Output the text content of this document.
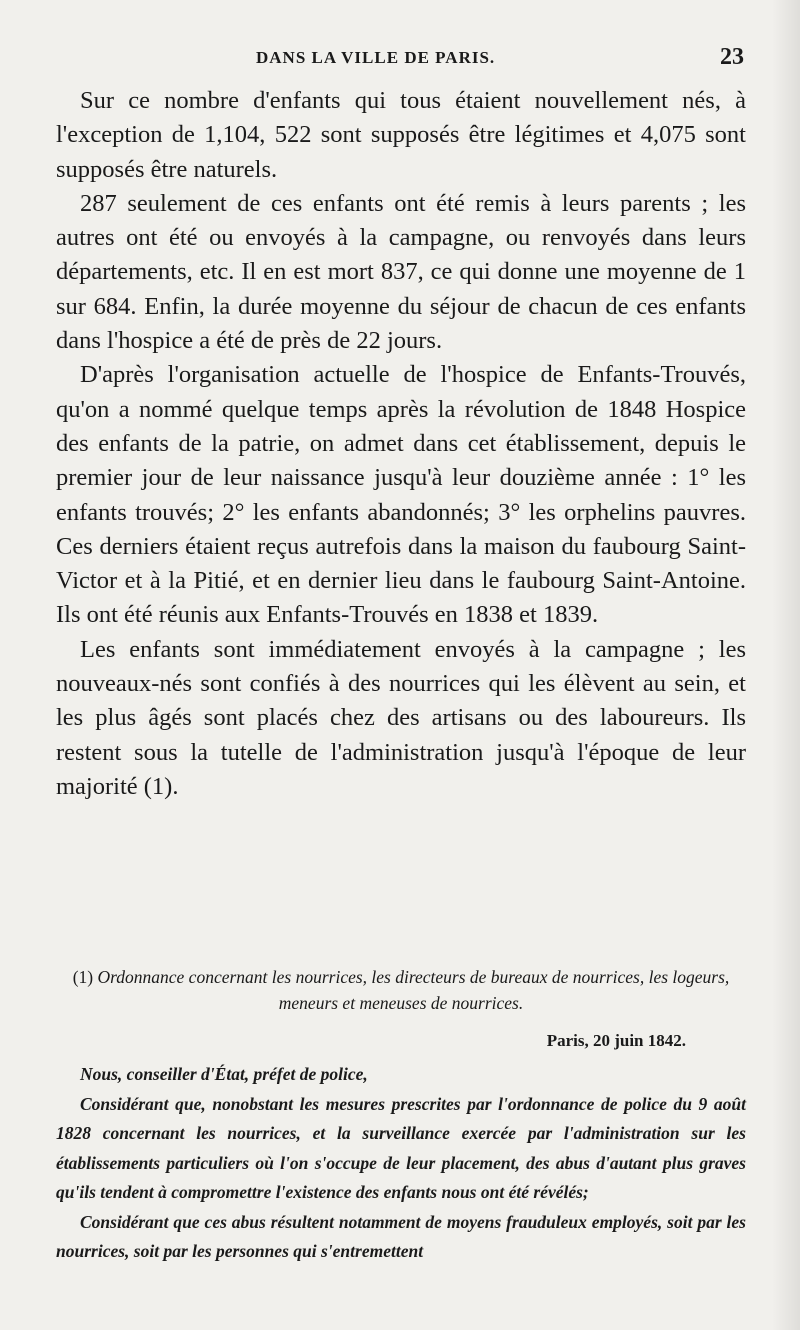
DANS LA VILLE DE PARIS.	23

Sur ce nombre d'enfants qui tous étaient nouvellement nés, à l'exception de 1,104, 522 sont supposés être légitimes et 4,075 sont supposés être naturels.

287 seulement de ces enfants ont été remis à leurs parents ; les autres ont été ou envoyés à la campagne, ou renvoyés dans leurs départements, etc. Il en est mort 837, ce qui donne une moyenne de 1 sur 684. Enfin, la durée moyenne du séjour de chacun de ces enfants dans l'hospice a été de près de 22 jours.

D'après l'organisation actuelle de l'hospice de Enfants-Trouvés, qu'on a nommé quelque temps après la révolution de 1848 Hospice des enfants de la patrie, on admet dans cet établissement, depuis le premier jour de leur naissance jusqu'à leur douzième année : 1° les enfants trouvés; 2° les enfants abandonnés; 3° les orphelins pauvres. Ces derniers étaient reçus autrefois dans la maison du faubourg Saint-Victor et à la Pitié, et en dernier lieu dans le faubourg Saint-Antoine. Ils ont été réunis aux Enfants-Trouvés en 1838 et 1839.

Les enfants sont immédiatement envoyés à la campagne ; les nouveaux-nés sont confiés à des nourrices qui les élèvent au sein, et les plus âgés sont placés chez des artisans ou des laboureurs. Ils restent sous la tutelle de l'administration jusqu'à l'époque de leur majorité (1).

(1) Ordonnance concernant les nourrices, les directeurs de bureaux de nourrices, les logeurs, meneurs et meneuses de nourrices.

Paris, 20 juin 1842.

Nous, conseiller d'État, préfet de police,

Considérant que, nonobstant les mesures prescrites par l'ordonnance de police du 9 août 1828 concernant les nourrices, et la surveillance exercée par l'administration sur les établissements particuliers où l'on s'occupe de leur placement, des abus d'autant plus graves qu'ils tendent à compromettre l'existence des enfants nous ont été révélés;

Considérant que ces abus résultent notamment de moyens frauduleux employés, soit par les nourrices, soit par les personnes qui s'entremettent
